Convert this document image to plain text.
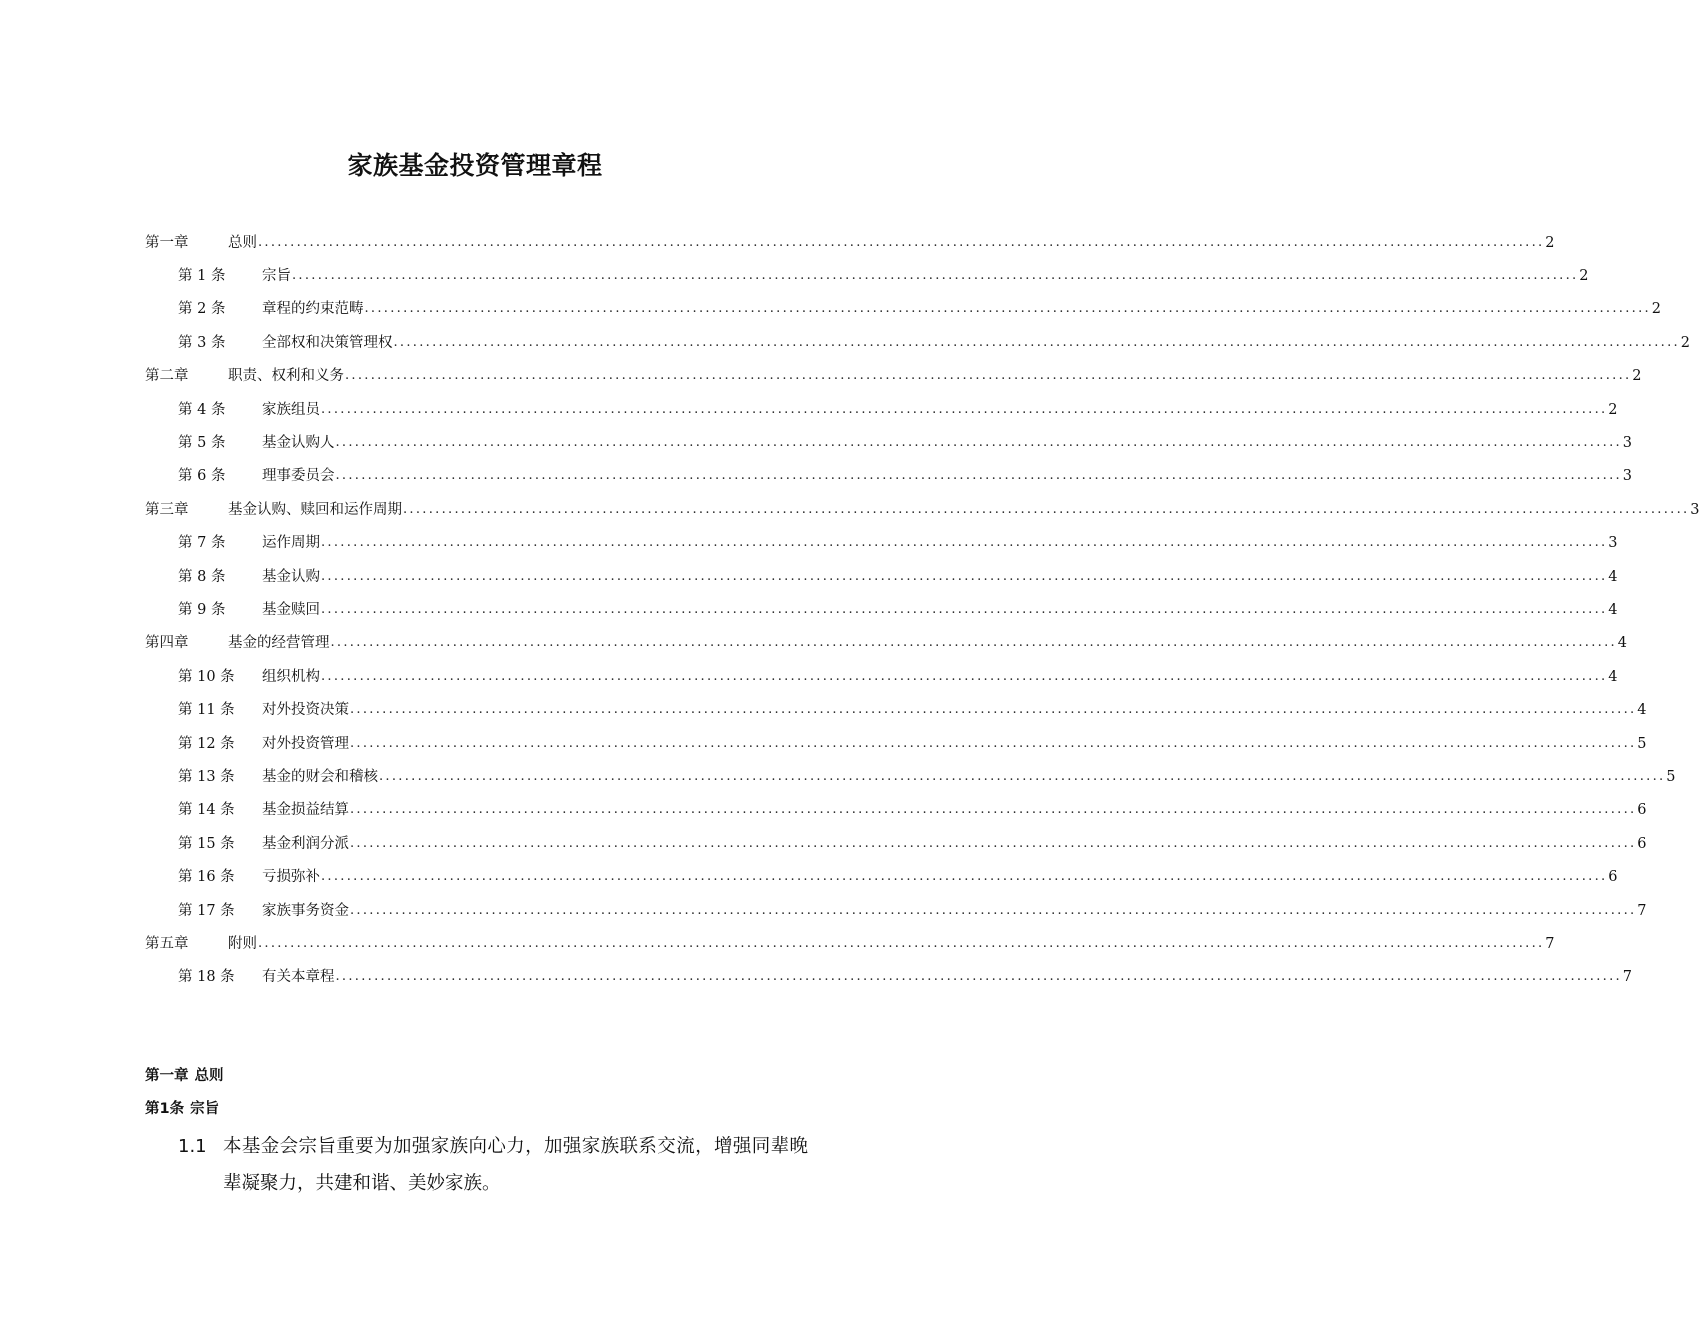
家族基金投资管理章程
第一章	总则 ........................................................................................................................................................................................................ 2
第 1 条	宗旨 ........................................................................................................................................................................................................ 2
第 2 条	章程的约束范畴 ........................................................................................................................................................................................................ 2
第 3 条	全部权和决策管理权 ........................................................................................................................................................................................................ 2
第二章	职责、权利和义务 ........................................................................................................................................................................................................ 2
第 4 条	家族组员 ........................................................................................................................................................................................................ 2
第 5 条	基金认购人 ........................................................................................................................................................................................................ 3
第 6 条	理事委员会 ........................................................................................................................................................................................................ 3
第三章	基金认购、赎回和运作周期 ........................................................................................................................................................................................................ 3
第 7 条	运作周期 ........................................................................................................................................................................................................ 3
第 8 条	基金认购 ........................................................................................................................................................................................................ 4
第 9 条	基金赎回 ........................................................................................................................................................................................................ 4
第四章	基金的经营管理 ........................................................................................................................................................................................................ 4
第 10 条	组织机构 ........................................................................................................................................................................................................ 4
第 11 条	对外投资决策 ........................................................................................................................................................................................................ 4
第 12 条	对外投资管理 ........................................................................................................................................................................................................ 5
第 13 条	基金的财会和稽核 ........................................................................................................................................................................................................ 5
第 14 条	基金损益结算 ........................................................................................................................................................................................................ 6
第 15 条	基金利润分派 ........................................................................................................................................................................................................ 6
第 16 条	亏损弥补 ........................................................................................................................................................................................................ 6
第 17 条	家族事务资金 ........................................................................................................................................................................................................ 7
第五章	附则 ........................................................................................................................................................................................................ 7
第 18 条	有关本章程 ........................................................................................................................................................................................................ 7
第一章 总则
第1条 宗旨
1.1 本基金会宗旨重要为加强家族向心力，加强家族联系交流，增强同辈晚辈凝聚力，共建和谐、美妙家族。
